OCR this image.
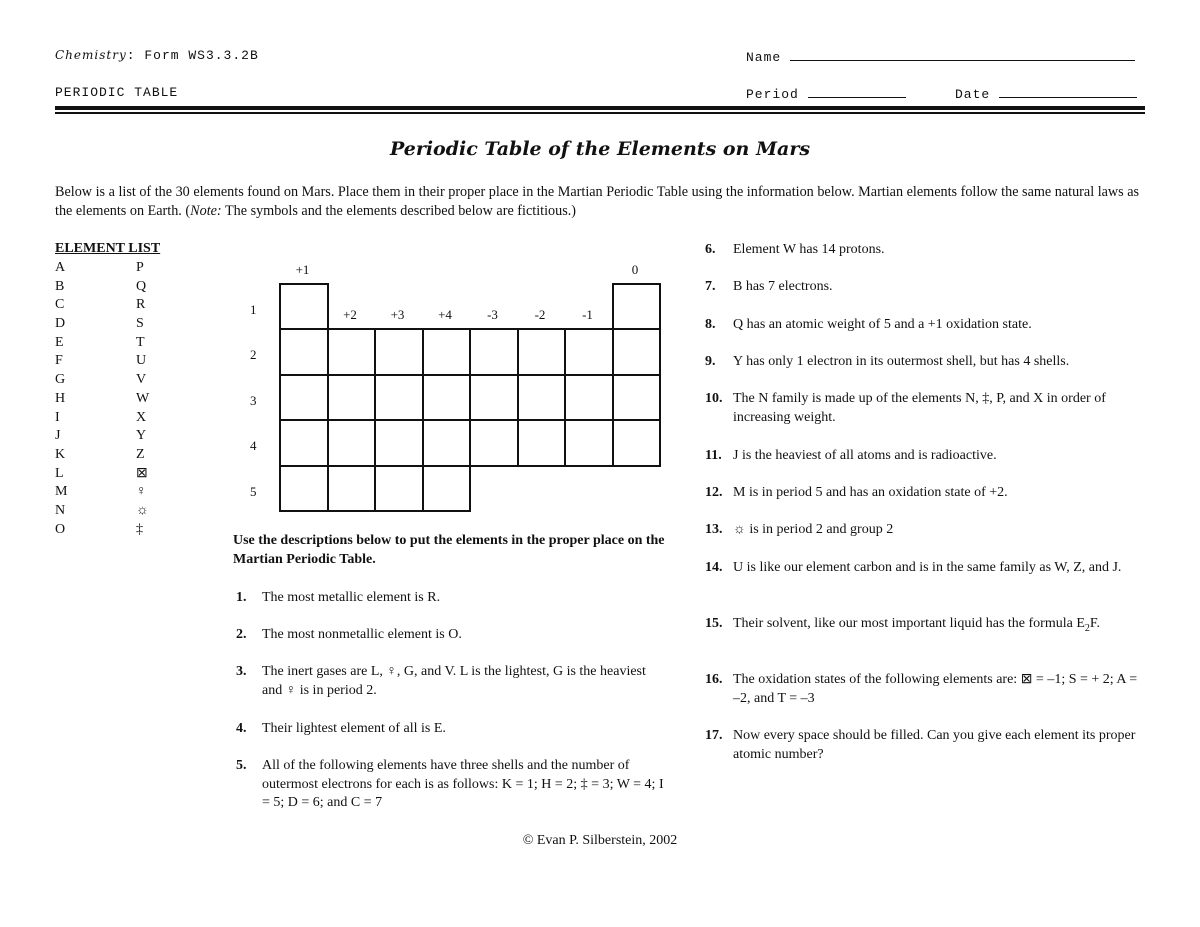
Chemistry: Form WS3.3.2B	Name
PERIODIC TABLE	Period	Date
Periodic Table of the Elements on Mars
Below is a list of the 30 elements found on Mars. Place them in their proper place in the Martian Periodic Table using the information below. Martian elements follow the same natural laws as the elements on Earth. (Note: The symbols and the elements described below are fictitious.)
ELEMENT LIST
A
B
C
D
E
F
G
H
I
J
K
L
M
N
O
P
Q
R
S
T
U
V
W
X
Y
Z
⊠
♀
☼
‡
+1
+2	+3	+4	-3	-2	-1
0
1
2
3
4
5
Use the descriptions below to put the elements in the proper place on the Martian Periodic Table.
1. The most metallic element is R.
2. The most nonmetallic element is O.
3. The inert gases are L, ♀, G, and V. L is the lightest, G is the heaviest and ♀ is in period 2.
4. Their lightest element of all is E.
5. All of the following elements have three shells and the number of outermost electrons for each is as follows: K = 1; H = 2; ‡ = 3; W = 4; I = 5; D = 6; and C = 7
6. Element W has 14 protons.
7. B has 7 electrons.
8. Q has an atomic weight of 5 and a +1 oxidation state.
9. Y has only 1 electron in its outermost shell, but has 4 shells.
10. The N family is made up of the elements N, ‡, P, and X in order of increasing weight.
11. J is the heaviest of all atoms and is radioactive.
12. M is in period 5 and has an oxidation state of +2.
13. ☼ is in period 2 and group 2
14. U is like our element carbon and is in the same family as W, Z, and J.
15. Their solvent, like our most important liquid has the formula $E_2F$.
16. The oxidation states of the following elements are: ⊠ = –1; S = + 2; A = –2, and T = –3
17. Now every space should be filled. Can you give each element its proper atomic number?
© Evan P. Silberstein, 2002
